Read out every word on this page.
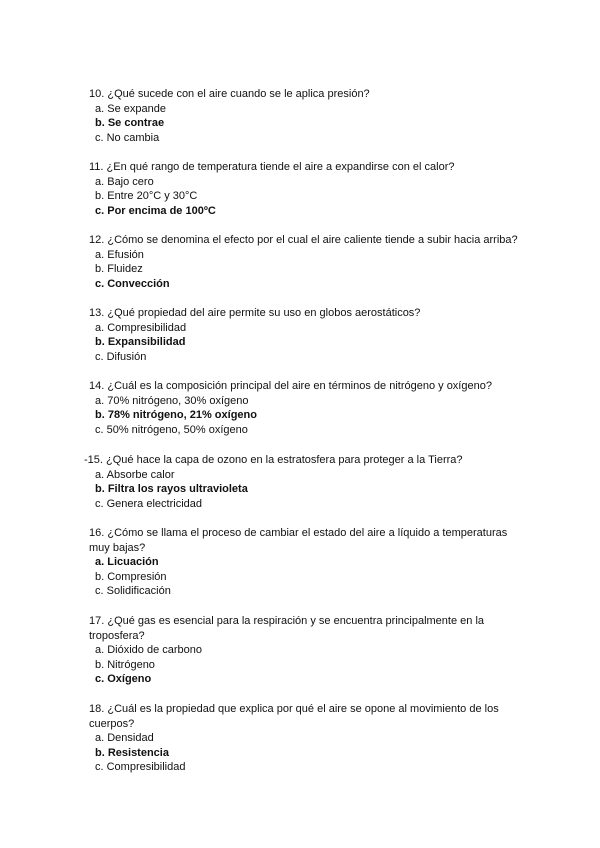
10. ¿Qué sucede con el aire cuando se le aplica presión?

a. Se expande
b. Se contrae
c. No cambia

11. ¿En qué rango de temperatura tiende el aire a expandirse con el calor?

a. Bajo cero
b. Entre 20°C y 30°C
c. Por encima de 100ºC

12. ¿Cómo se denomina el efecto por el cual el aire caliente tiende a subir hacia arriba?

a. Efusión
b. Fluidez
c. Convección

13. ¿Qué propiedad del aire permite su uso en globos aerostáticos?

a. Compresibilidad
b. Expansibilidad
c. Difusión

14. ¿Cuál es la composición principal del aire en términos de nitrógeno y oxígeno?

a. 70% nitrógeno, 30% oxígeno
b. 78% nitrógeno, 21% oxígeno
c. 50% nitrógeno, 50% oxígeno

-15. ¿Qué hace la capa de ozono en la estratosfera para proteger a la Tierra?

a. Absorbe calor
b. Filtra los rayos ultravioleta
c. Genera electricidad

16. ¿Cómo se llama el proceso de cambiar el estado del aire a líquido a temperaturas muy bajas?

a. Licuación
b. Compresión
c. Solidificación

17. ¿Qué gas es esencial para la respiración y se encuentra principalmente en la troposfera?

a. Dióxido de carbono
b. Nitrógeno
c. Oxígeno

18. ¿Cuál es la propiedad que explica por qué el aire se opone al movimiento de los cuerpos?

a. Densidad
b. Resistencia
c. Compresibilidad
